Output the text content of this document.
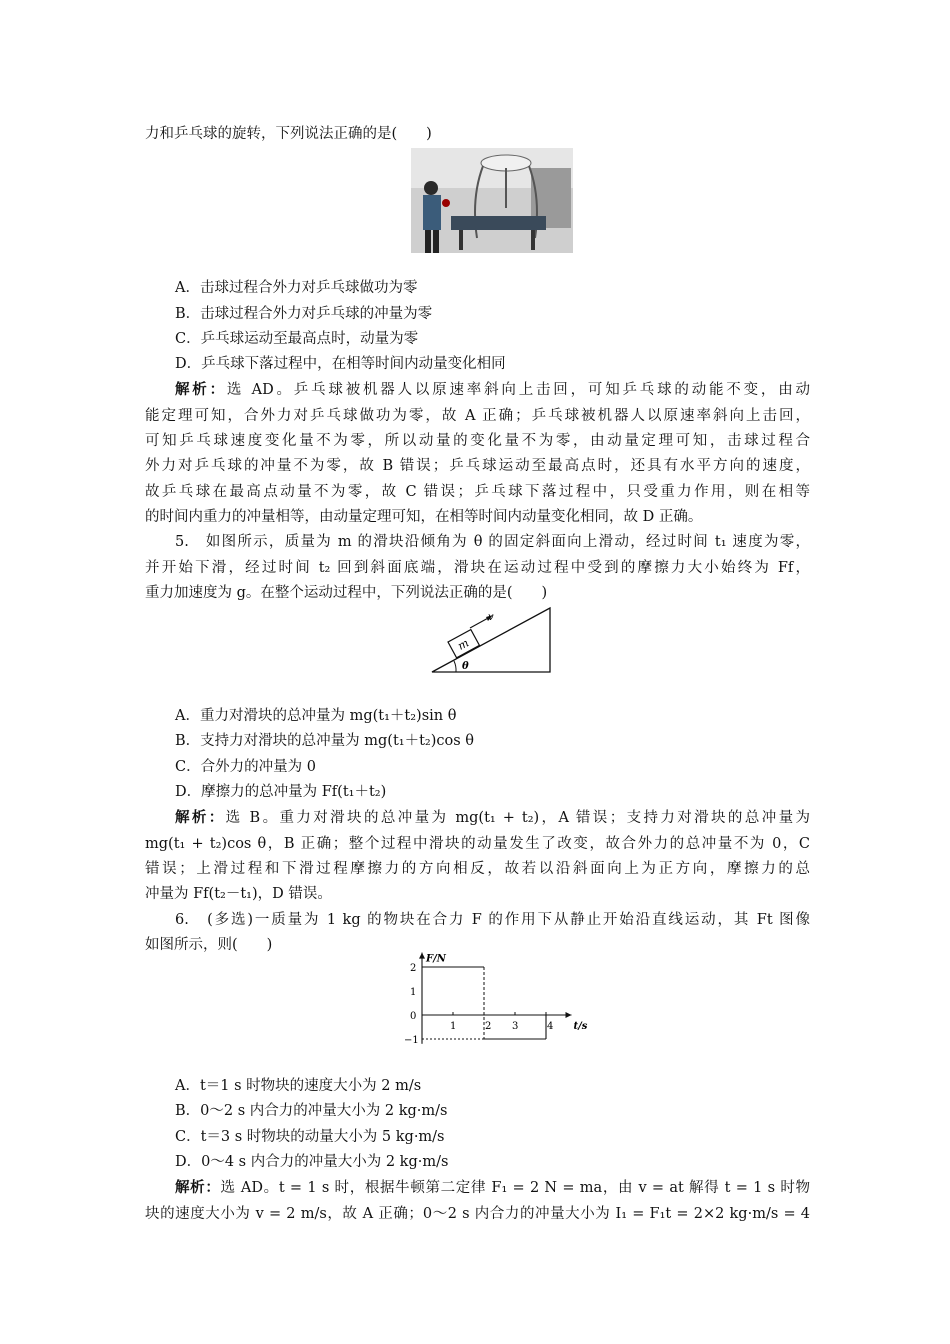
m
v
θ
F/N
t/s
1	2 3	4
2
1
0
−1
力和乒乓球的旋转，下列说法正确的是(　　)
A．击球过程合外力对乒乓球做功为零
B．击球过程合外力对乒乓球的冲量为零
C．乒乓球运动至最高点时，动量为零
D．乒乓球下落过程中，在相等时间内动量变化相同
解析：选 AD。乒乓球被机器人以原速率斜向上击回，可知乒乓球的动能不变，由动
能定理可知，合外力对乒乓球做功为零，故 A 正确；乒乓球被机器人以原速率斜向上击回，
可知乒乓球速度变化量不为零，所以动量的变化量不为零，由动量定理可知，击球过程合
外力对乒乓球的冲量不为零，故 B 错误；乒乓球运动至最高点时，还具有水平方向的速度，
故乒乓球在最高点动量不为零，故 C 错误；乒乓球下落过程中，只受重力作用，则在相等
的时间内重力的冲量相等，由动量定理可知，在相等时间内动量变化相同，故 D 正确。
5.　如图所示，质量为 m 的滑块沿倾角为 θ 的固定斜面向上滑动，经过时间 t₁ 速度为零，
并开始下滑，经过时间 t₂ 回到斜面底端，滑块在运动过程中受到的摩擦力大小始终为 Ff，
重力加速度为 g。在整个运动过程中，下列说法正确的是(　　)
A．重力对滑块的总冲量为 mg(t₁＋t₂)sin θ
B．支持力对滑块的总冲量为 mg(t₁＋t₂)cos θ
C．合外力的冲量为 0
D．摩擦力的总冲量为 Ff(t₁＋t₂)
解析：选 B。重力对滑块的总冲量为 mg(t₁ + t₂)，A 错误；支持力对滑块的总冲量为
mg(t₁ + t₂)cos θ，B 正确；整个过程中滑块的动量发生了改变，故合外力的总冲量不为 0，C
错误；上滑过程和下滑过程摩擦力的方向相反，故若以沿斜面向上为正方向，摩擦力的总
冲量为 Ff(t₂－t₁)，D 错误。
6.　(多选)一质量为 1 kg 的物块在合力 F 的作用下从静止开始沿直线运动，其 Ft 图像
如图所示，则(　　)
A．t＝1 s 时物块的速度大小为 2 m/s
B．0～2 s 内合力的冲量大小为 2 kg·m/s
C．t＝3 s 时物块的动量大小为 5 kg·m/s
D．0～4 s 内合力的冲量大小为 2 kg·m/s
解析：选 AD。t = 1 s 时，根据牛顿第二定律 F₁ = 2 N = ma，由 v = at 解得 t = 1 s 时物
块的速度大小为 v = 2 m/s，故 A 正确；0～2 s 内合力的冲量大小为 I₁ = F₁t = 2×2 kg·m/s = 4
